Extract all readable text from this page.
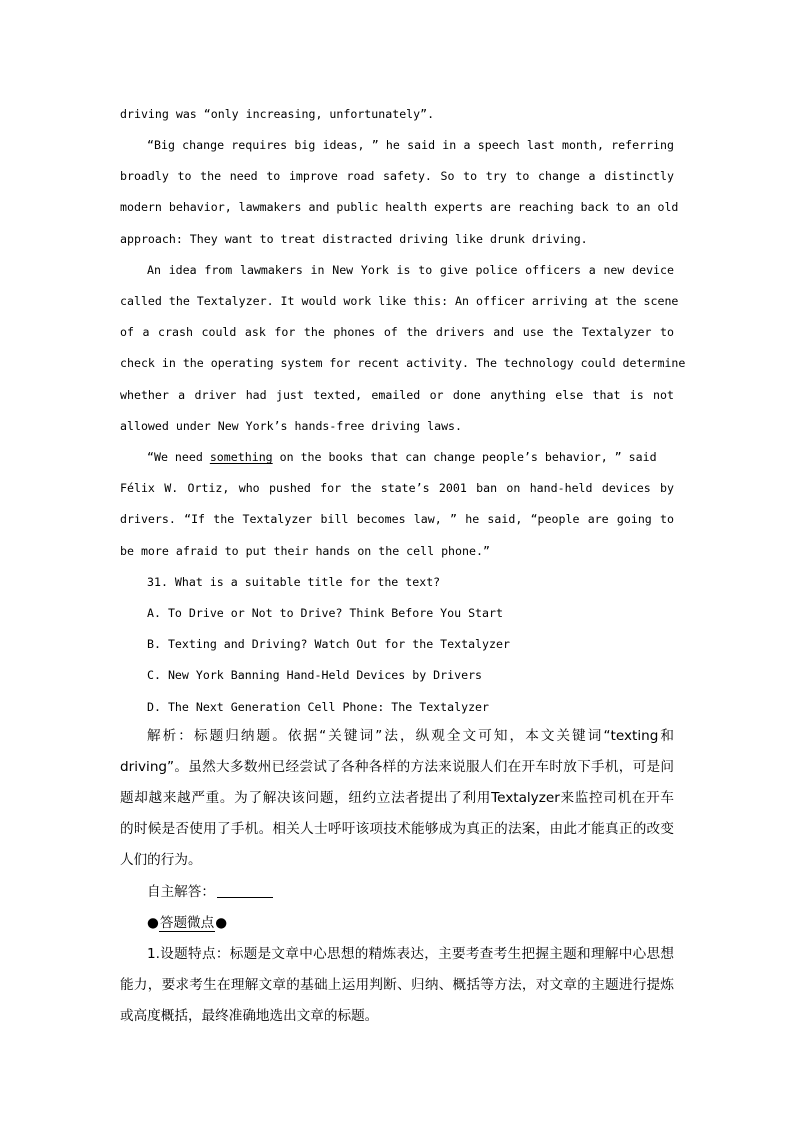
driving was “only increasing, unfortunately”.

“Big change requires big ideas, ” he said in a speech last month, referring

broadly to the need to improve road safety. So to try to change a distinctly

modern behavior, lawmakers and public health experts are reaching back to an old

approach: They want to treat distracted driving like drunk driving.

An idea from lawmakers in New York is to give police officers a new device

called the Textalyzer. It would work like this: An officer arriving at the scene

of a crash could ask for the phones of the drivers and use the Textalyzer to

check in the operating system for recent activity. The technology could determine

whether a driver had just texted, emailed or done anything else that is not

allowed under New York’s hands-free driving laws.

“We need something on the books that can change people’s behavior, ” said

Félix W. Ortiz, who pushed for the state’s 2001 ban on hand-held devices by

drivers. “If the Textalyzer bill becomes law, ” he said, “people are going to

be more afraid to put their hands on the cell phone.”

31. What is a suitable title for the text?

A. To Drive or Not to Drive? Think Before You Start

B. Texting and Driving? Watch Out for the Textalyzer

C. New York Banning Hand-Held Devices by Drivers

D. The Next Generation Cell Phone: The Textalyzer

解析：标题归纳题。依据“关键词”法，纵观全文可知，本文关键词“texting和

driving”。虽然大多数州已经尝试了各种各样的方法来说服人们在开车时放下手机，可是问

题却越来越严重。为了解决该问题，纽约立法者提出了利用Textalyzer来监控司机在开车

的时候是否使用了手机。相关人士呼吁该项技术能够成为真正的法案，由此才能真正的改变

人们的行为。

自主解答：

●答题微点●

1.设题特点：标题是文章中心思想的精炼表达，主要考查考生把握主题和理解中心思想

能力，要求考生在理解文章的基础上运用判断、归纳、概括等方法，对文章的主题进行提炼

或高度概括，最终准确地选出文章的标题。
